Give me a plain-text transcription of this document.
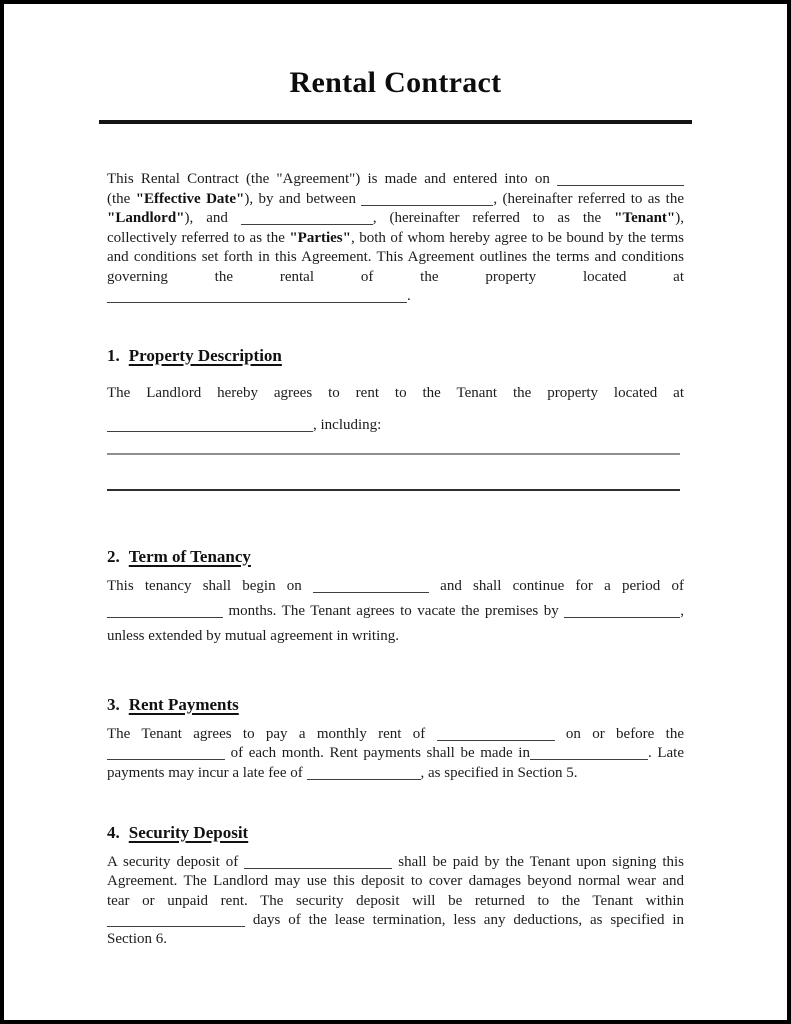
Rental Contract
This Rental Contract (the "Agreement") is made and entered into on
(the "Effective Date"), by and between	, (hereinafter referred to as the
"Landlord"), and	, (hereinafter referred to as the "Tenant"),
collectively referred to as the "Parties", both of whom hereby agree to be bound by the terms
and conditions set forth in this Agreement. This Agreement outlines the terms and conditions
governing the rental of the property located at .
1. Property Description
The Landlord hereby agrees to rent to the Tenant the property located at
, including:
2. Term of Tenancy
This tenancy shall begin on	and shall continue for a period of
months. The Tenant agrees to vacate the premises by	,
unless extended by mutual agreement in writing.
3. Rent Payments
The Tenant agrees to pay a monthly rent of	on or before the
of each month. Rent payments shall be made in	. Late
payments may incur a late fee of	, as specified in Section 5.
4. Security Deposit
A security deposit of	shall be paid by the Tenant upon signing this
Agreement. The Landlord may use this deposit to cover damages beyond normal wear and
tear or unpaid rent. The security deposit will be returned to the Tenant within
days of the lease termination, less any deductions, as specified in
Section 6.
